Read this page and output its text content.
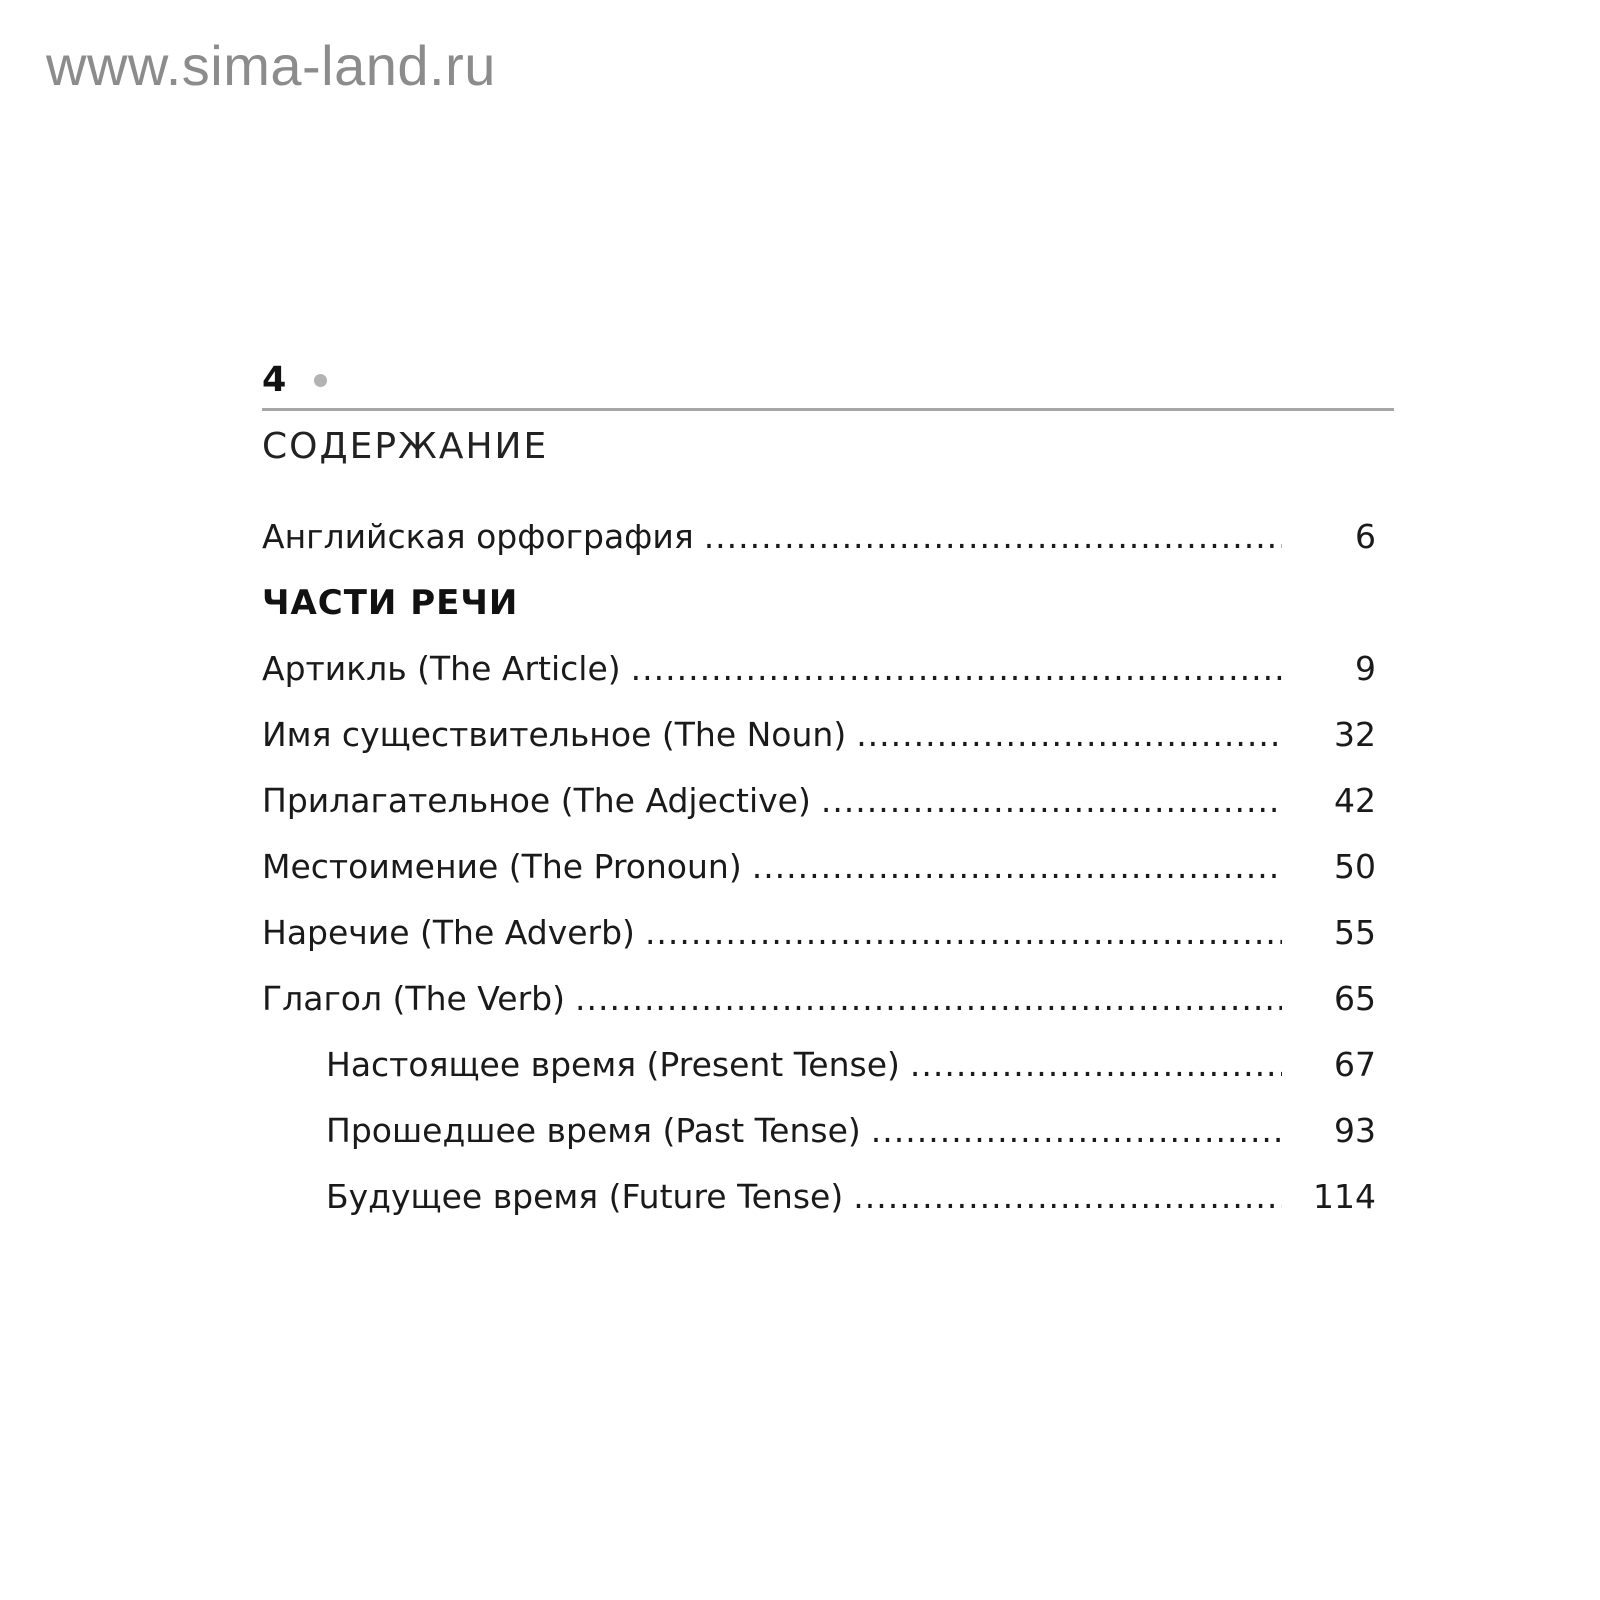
www.sima-land.ru
4
СОДЕРЖАНИЕ
Английская орфография .....	6
ЧАСТИ РЕЧИ
Артикль (The Article) .....	9
Имя существительное (The Noun) .....	32
Прилагательное (The Adjective) .....	42
Местоимение (The Pronoun) .....	50
Наречие (The Adverb) .....	55
Глагол (The Verb) .....	65
Настоящее время (Present Tense) .....	67
Прошедшее время (Past Tense) .....	93
Будущее время (Future Tense) .....	114
